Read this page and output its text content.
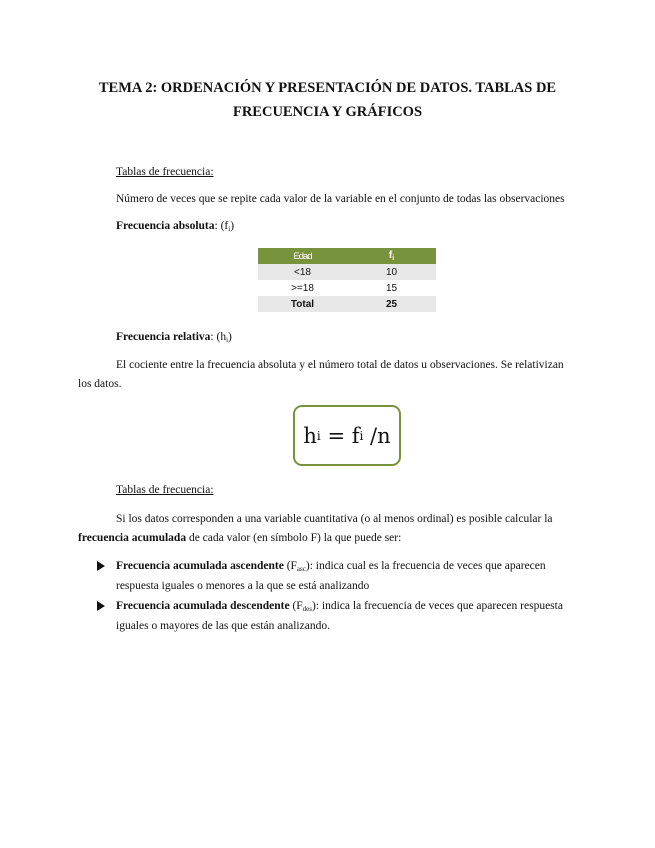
TEMA 2: ORDENACIÓN Y PRESENTACIÓN DE DATOS. TABLAS DE
FRECUENCIA Y GRÁFICOS
Tablas de frecuencia:
Número de veces que se repite cada valor de la variable en el conjunto de todas las observaciones
Frecuencia absoluta: $(f_i)$
Edad	$f_i$
<18	10
>=18	15
Total	25
Frecuencia relativa: $(h_i)$
El cociente entre la frecuencia absoluta y el número total de datos u observaciones. Se relativizan
los datos.
h i = f i /n
Tablas de frecuencia:
Si los datos corresponden a una variable cuantitativa (o al menos ordinal) es posible calcular la
frecuencia acumulada de cada valor (en símbolo F) la que puede ser:
Frecuencia acumulada ascendente $(F_{asc})$: indica cual es la frecuencia de veces que aparecen
respuesta iguales o menores a la que se está analizando
Frecuencia acumulada descendente $(F_{des})$: indica la frecuencia de veces que aparecen respuesta
iguales o mayores de las que están analizando.
